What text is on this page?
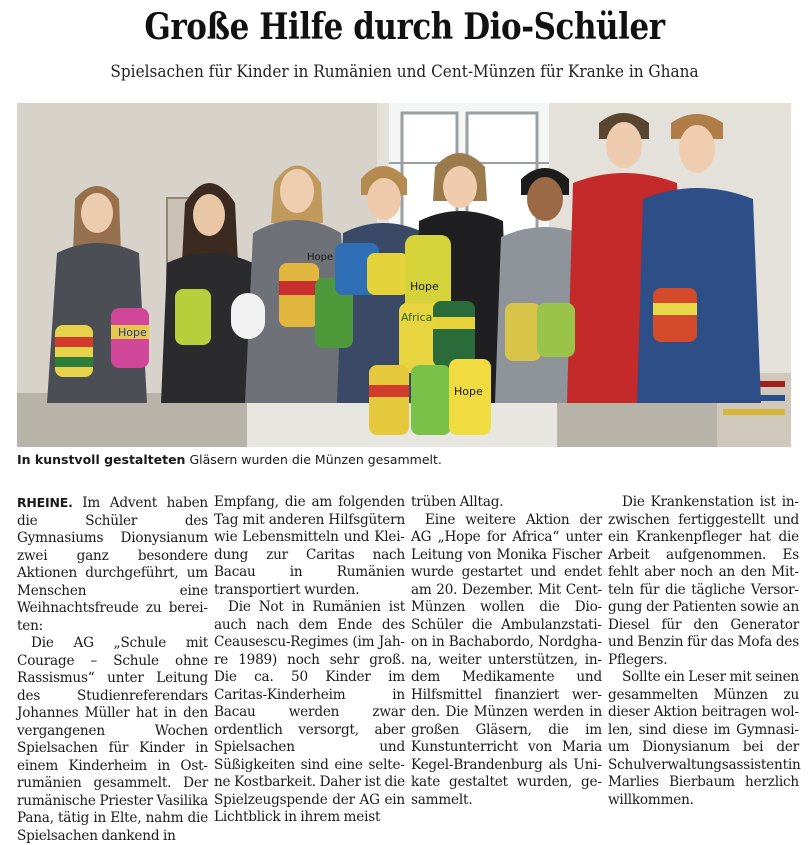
Große Hilfe durch Dio-Schüler
Spielsachen für Kinder in Rumänien und Cent-Münzen für Kranke in Ghana
Hope
Hope
Africa
Hope
Hope
In kunstvoll gestalteten Gläsern wurden die Münzen gesammelt.

RHEINE. Im Advent haben die Schüler des Gymnasiums Dionysianum zwei ganz besondere Aktionen durchgeführt, um Menschen eine Weihnachtsfreude zu bereiten:

Die AG „Schule mit Courage – Schule ohne Rassismus“ unter Leitung des Studienreferendars Johannes Müller hat in den vergangenen Wochen Spielsachen für Kinder in einem Kinderheim in Ostrumänien gesammelt. Der rumänische Priester Vasilika Pana, tätig in Elte, nahm die Spielsachen dankend in

Empfang, die am folgenden Tag mit anderen Hilfsgütern wie Lebensmitteln und Kleidung zur Caritas nach Bacau in Rumänien transportiert wurden.

Die Not in Rumänien ist auch nach dem Ende des Ceausescu-Regimes (im Jahre 1989) noch sehr groß. Die ca. 50 Kinder im Caritas-Kinderheim in Bacau werden zwar ordentlich versorgt, aber Spielsachen und Süßigkeiten sind eine seltene Kostbarkeit. Daher ist die Spielzeugspende der AG ein Lichtblick in ihrem meist

trüben Alltag.

Eine weitere Aktion der AG „Hope for Africa“ unter Leitung von Monika Fischer wurde gestartet und endet am 20. Dezember. Mit Cent-Münzen wollen die Dio-Schüler die Ambulanzstation in Bachabordo, Nordghana, weiter unterstützen, indem Medikamente und Hilfsmittel finanziert werden. Die Münzen werden in großen Gläsern, die im Kunstunterricht von Maria Kegel-Brandenburg als Unikate gestaltet wurden, gesammelt.

Die Krankenstation ist inzwischen fertiggestellt und ein Krankenpfleger hat die Arbeit aufgenommen. Es fehlt aber noch an den Mitteln für die tägliche Versorgung der Patienten sowie an Diesel für den Generator und Benzin für das Mofa des Pflegers.

Sollte ein Leser mit seinen gesammelten Münzen zu dieser Aktion beitragen wollen, sind diese im Gymnasium Dionysianum bei der Schulverwaltungsassistentin Marlies Bierbaum herzlich willkommen.
